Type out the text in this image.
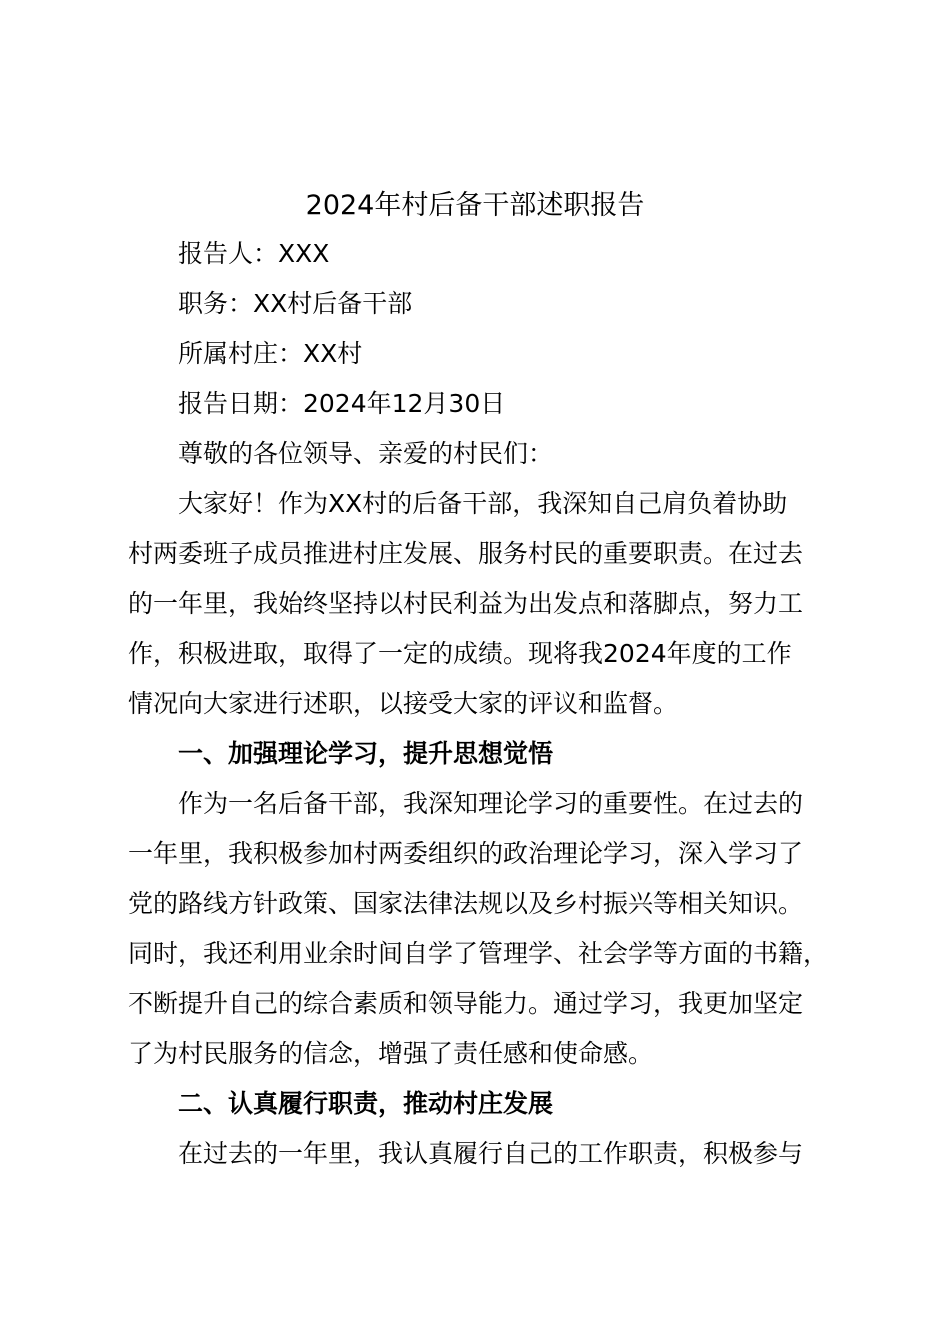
2024年村后备干部述职报告

报告人：XXX

职务：XX村后备干部

所属村庄：XX村

报告日期：2024年12月30日

尊敬的各位领导、亲爱的村民们：

大家好！作为XX村的后备干部，我深知自己肩负着协助

村两委班子成员推进村庄发展、服务村民的重要职责。在过去

的一年里，我始终坚持以村民利益为出发点和落脚点，努力工

作，积极进取，取得了一定的成绩。现将我2024年度的工作

情况向大家进行述职，以接受大家的评议和监督。

一、加强理论学习，提升思想觉悟

作为一名后备干部，我深知理论学习的重要性。在过去的

一年里，我积极参加村两委组织的政治理论学习，深入学习了

党的路线方针政策、国家法律法规以及乡村振兴等相关知识。

同时，我还利用业余时间自学了管理学、社会学等方面的书籍，

不断提升自己的综合素质和领导能力。通过学习，我更加坚定

了为村民服务的信念，增强了责任感和使命感。

二、认真履行职责，推动村庄发展

在过去的一年里，我认真履行自己的工作职责，积极参与
